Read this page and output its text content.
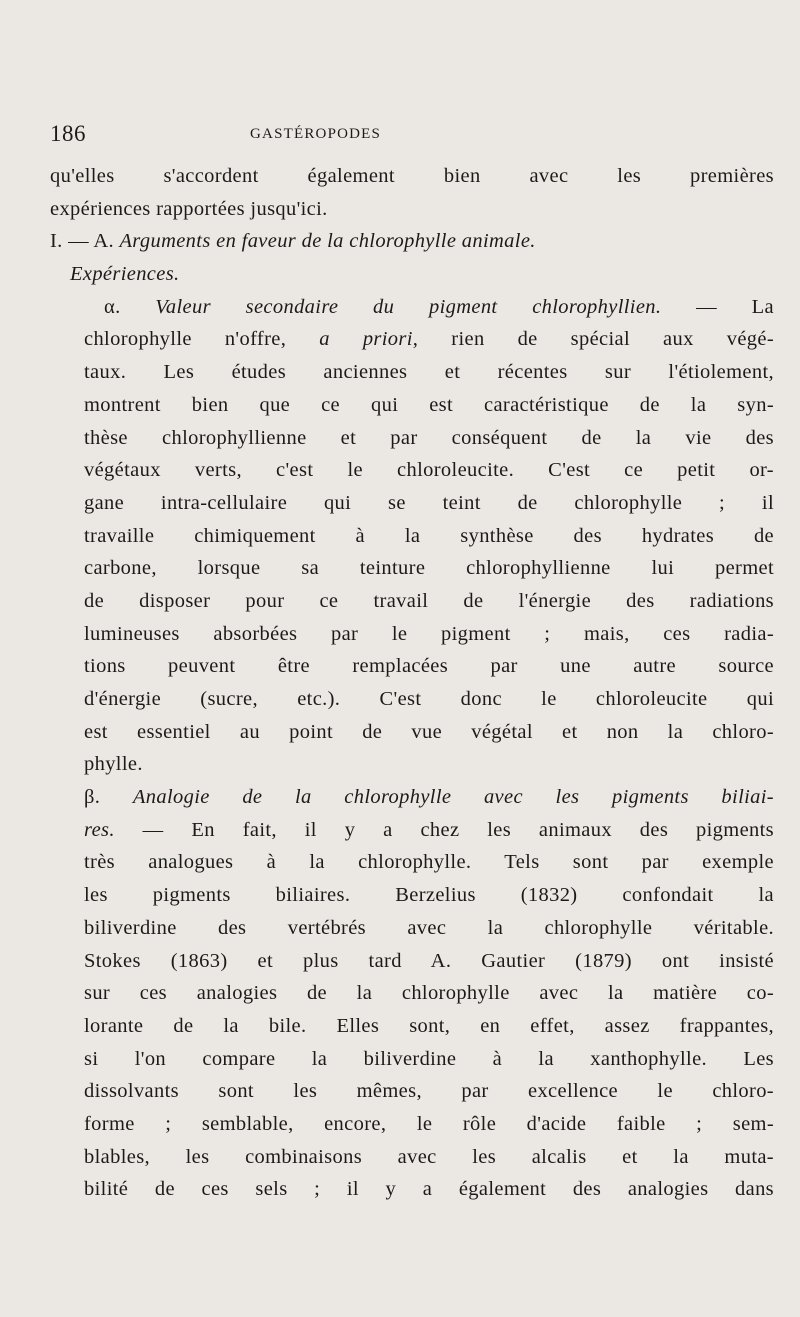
186	GASTÉROPODES
qu'elles s'accordent également bien avec les premières
expériences rapportées jusqu'ici.
I. — A. Arguments en faveur de la chlorophylle animale.
Expériences.
α. Valeur secondaire du pigment chlorophyllien. — La
chlorophylle n'offre, a priori, rien de spécial aux végé-
taux. Les études anciennes et récentes sur l'étiolement,
montrent bien que ce qui est caractéristique de la syn-
thèse chlorophyllienne et par conséquent de la vie des
végétaux verts, c'est le chloroleucite. C'est ce petit or-
gane intra-cellulaire qui se teint de chlorophylle ; il
travaille chimiquement à la synthèse des hydrates de
carbone, lorsque sa teinture chlorophyllienne lui permet
de disposer pour ce travail de l'énergie des radiations
lumineuses absorbées par le pigment ; mais, ces radia-
tions peuvent être remplacées par une autre source
d'énergie (sucre, etc.). C'est donc le chloroleucite qui
est essentiel au point de vue végétal et non la chloro-
phylle.
β. Analogie de la chlorophylle avec les pigments biliai-
res. — En fait, il y a chez les animaux des pigments
très analogues à la chlorophylle. Tels sont par exemple
les pigments biliaires. Berzelius (1832) confondait la
biliverdine des vertébrés avec la chlorophylle véritable.
Stokes (1863) et plus tard A. Gautier (1879) ont insisté
sur ces analogies de la chlorophylle avec la matière co-
lorante de la bile. Elles sont, en effet, assez frappantes,
si l'on compare la biliverdine à la xanthophylle. Les
dissolvants sont les mêmes, par excellence le chloro-
forme ; semblable, encore, le rôle d'acide faible ; sem-
blables, les combinaisons avec les alcalis et la muta-
bilité de ces sels ; il y a également des analogies dans
